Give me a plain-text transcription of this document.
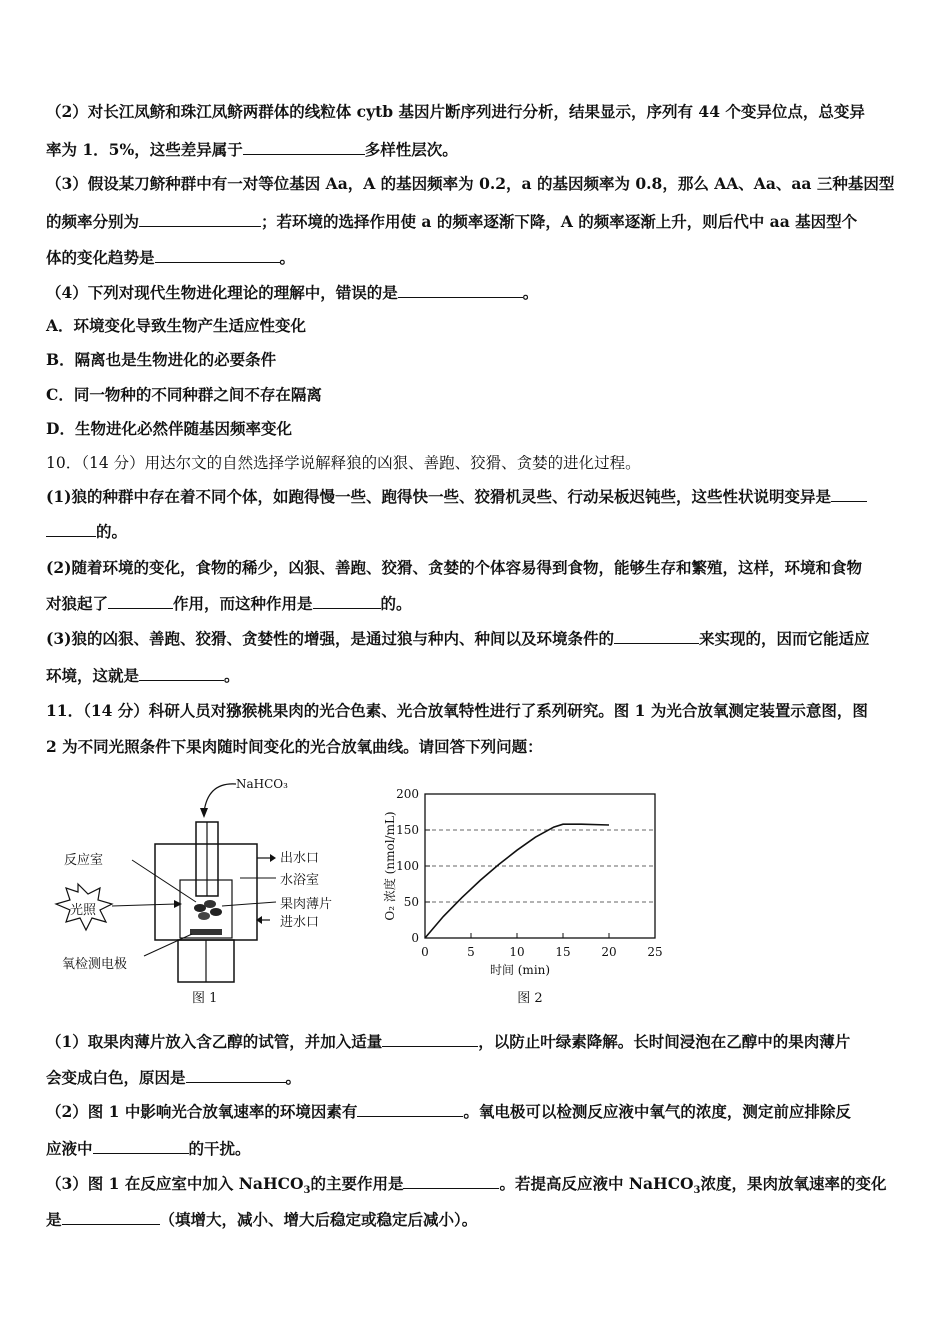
（2）对长江凤鲚和珠江凤鲚两群体的线粒体 cytb 基因片断序列进行分析，结果显示，序列有 44 个变异位点，总变异
率为 1．5%，这些差异属于	多样性层次。
（3）假设某刀鲚种群中有一对等位基因 Aa，A 的基因频率为 0.2，a 的基因频率为 0.8，那么 AA、Aa、aa 三种基因型
的频率分别为	；若环境的选择作用使 a 的频率逐渐下降，A 的频率逐渐上升，则后代中 aa 基因型个
体的变化趋势是	。
（4）下列对现代生物进化理论的理解中，错误的是	。
A．环境变化导致生物产生适应性变化
B．隔离也是生物进化的必要条件
C．同一物种的不同种群之间不存在隔离
D．生物进化必然伴随基因频率变化
10．（14 分）用达尔文的自然选择学说解释狼的凶狠、善跑、狡猾、贪婪的进化过程。
(1)狼的种群中存在着不同个体，如跑得慢一些、跑得快一些、狡猾机灵些、行动呆板迟钝些，这些性状说明变异是
的。
(2)随着环境的变化，食物的稀少，凶狠、善跑、狡猾、贪婪的个体容易得到食物，能够生存和繁殖，这样，环境和食物
对狼起了	作用，而这种作用是	的。
(3)狼的凶狠、善跑、狡猾、贪婪性的增强，是通过狼与种内、种间以及环境条件的	来实现的，因而它能适应
环境，这就是	。
11．（14 分）科研人员对猕猴桃果肉的光合色素、光合放氧特性进行了系列研究。图 1 为光合放氧测定装置示意图，图
2 为不同光照条件下果肉随时间变化的光合放氧曲线。请回答下列问题：
NaHCO₃
光照
反应室	出水口
水浴室
果肉薄片
进水口
氧检测电极
图 1
0
50
100
150
200
0	5	10	15	20	25
时间 (min)
O₂ 浓度 (nmol/mL)
图 2
（1）取果肉薄片放入含乙醇的试管，并加入适量	，以防止叶绿素降解。长时间浸泡在乙醇中的果肉薄片
会变成白色，原因是	。
（2）图 1 中影响光合放氧速率的环境因素有	。氧电极可以检测反应液中氧气的浓度，测定前应排除反
应液中	的干扰。
（3）图 1 在反应室中加入 NaHCO$_3$的主要作用是	。若提高反应液中 NaHCO$_3$浓度，果肉放氧速率的变化
是	（填增大，减小、增大后稳定或稳定后减小）。
